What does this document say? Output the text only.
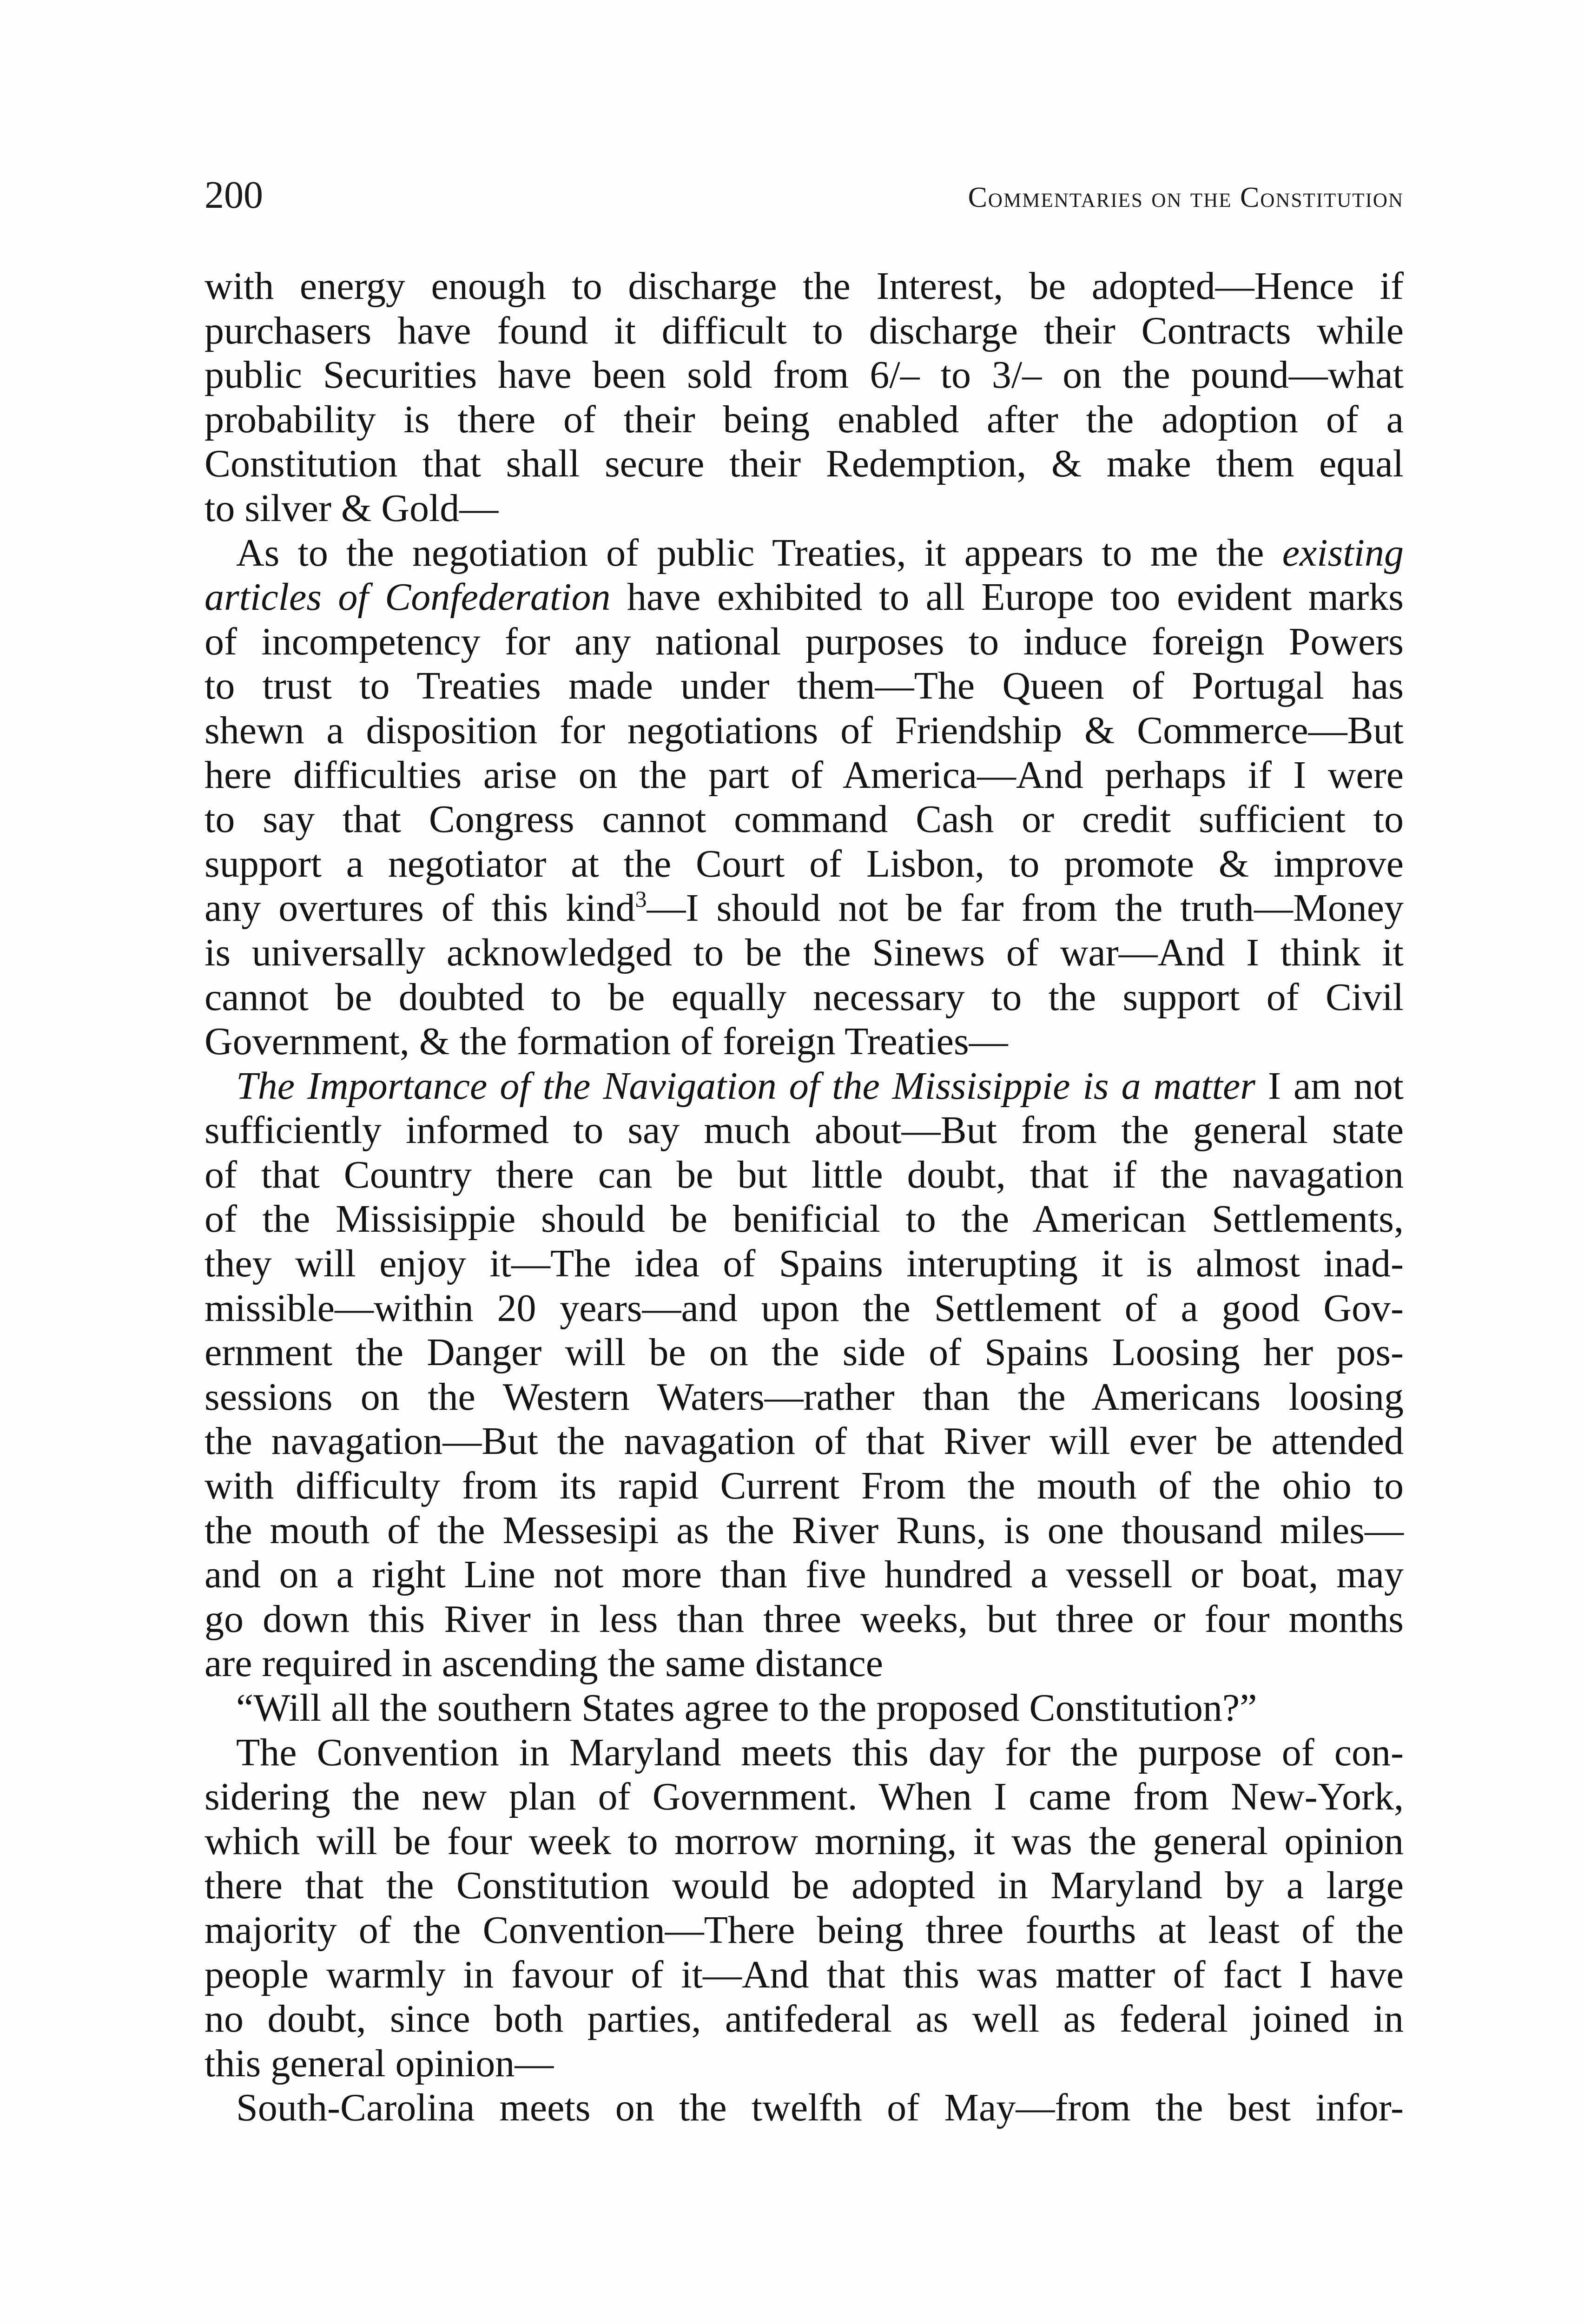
200	Commentaries on the Constitution
with energy enough to discharge the Interest, be adopted—Hence if
purchasers have found it difficult to discharge their Contracts while
public Securities have been sold from 6/– to 3/– on the pound—what
probability is there of their being enabled after the adoption of a
Constitution that shall secure their Redemption, & make them equal
to silver & Gold—
As to the negotiation of public Treaties, it appears to me the existing
articles of Confederation have exhibited to all Europe too evident marks
of incompetency for any national purposes to induce foreign Powers
to trust to Treaties made under them—The Queen of Portugal has
shewn a disposition for negotiations of Friendship & Commerce—But
here difficulties arise on the part of America—And perhaps if I were
to say that Congress cannot command Cash or credit sufficient to
support a negotiator at the Court of Lisbon, to promote & improve
any overtures of this kind$^3$—I should not be far from the truth—Money
is universally acknowledged to be the Sinews of war—And I think it
cannot be doubted to be equally necessary to the support of Civil
Government, & the formation of foreign Treaties—
The Importance of the Navigation of the Missisippie is a matter I am not
sufficiently informed to say much about—But from the general state
of that Country there can be but little doubt, that if the navagation
of the Missisippie should be benificial to the American Settlements,
they will enjoy it—The idea of Spains interupting it is almost inad-
missible—within 20 years—and upon the Settlement of a good Gov-
ernment the Danger will be on the side of Spains Loosing her pos-
sessions on the Western Waters—rather than the Americans loosing
the navagation—But the navagation of that River will ever be attended
with difficulty from its rapid Current From the mouth of the ohio to
the mouth of the Messesipi as the River Runs, is one thousand miles—
and on a right Line not more than five hundred a vessell or boat, may
go down this River in less than three weeks, but three or four months
are required in ascending the same distance
“Will all the southern States agree to the proposed Constitution?”
The Convention in Maryland meets this day for the purpose of con-
sidering the new plan of Government. When I came from New-York,
which will be four week to morrow morning, it was the general opinion
there that the Constitution would be adopted in Maryland by a large
majority of the Convention—There being three fourths at least of the
people warmly in favour of it—And that this was matter of fact I have
no doubt, since both parties, antifederal as well as federal joined in
this general opinion—
South-Carolina meets on the twelfth of May—from the best infor-
